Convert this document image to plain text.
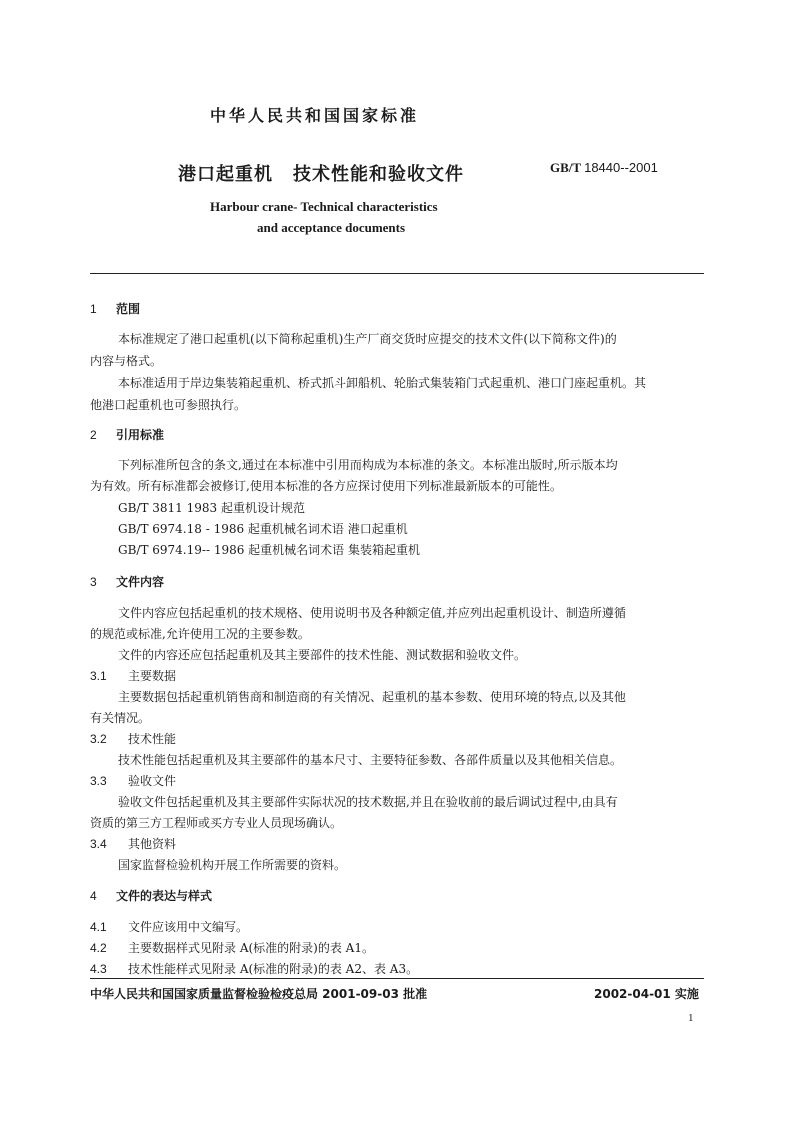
中华人民共和国国家标准
港口起重机 技术性能和验收文件	GB/T 18440--2001
Harbour crane- Technical characteristics
and acceptance documents
1 范围
本标准规定了港口起重机(以下简称起重机)生产厂商交货时应提交的技术文件(以下简称文件)的
内容与格式。
本标准适用于岸边集装箱起重机、桥式抓斗卸船机、轮胎式集装箱门式起重机、港口门座起重机。其
他港口起重机也可参照执行。
2 引用标准
下列标准所包含的条文,通过在本标准中引用而构成为本标准的条文。本标准出版时,所示版本均
为有效。所有标准都会被修订,使用本标准的各方应探讨使用下列标准最新版本的可能性。
GB/T 3811 1983 起重机设计规范
GB/T 6974.18 - 1986 起重机械名词术语 港口起重机
GB/T 6974.19-- 1986 起重机械名词术语 集装箱起重机
3 文件内容
文件内容应包括起重机的技术规格、使用说明书及各种额定值,并应列出起重机设计、制造所遵循
的规范或标准,允许使用工况的主要参数。
文件的内容还应包括起重机及其主要部件的技术性能、测试数据和验收文件。
3.1 主要数据
主要数据包括起重机销售商和制造商的有关情况、起重机的基本参数、使用环境的特点,以及其他
有关情况。
3.2 技术性能
技术性能包括起重机及其主要部件的基本尺寸、主要特征参数、各部件质量以及其他相关信息。
3.3 验收文件
验收文件包括起重机及其主要部件实际状况的技术数据,并且在验收前的最后调试过程中,由具有
资质的第三方工程师或买方专业人员现场确认。
3.4 其他资料
国家监督检验机构开展工作所需要的资料。
4 文件的表达与样式
4.1 文件应该用中文编写。
4.2 主要数据样式见附录 A(标准的附录)的表 A1。
4.3 技术性能样式见附录 A(标准的附录)的表 A2、表 A3。
中华人民共和国国家质量监督检验检疫总局 2001-09-03 批准	2002-04-01 实施
1
